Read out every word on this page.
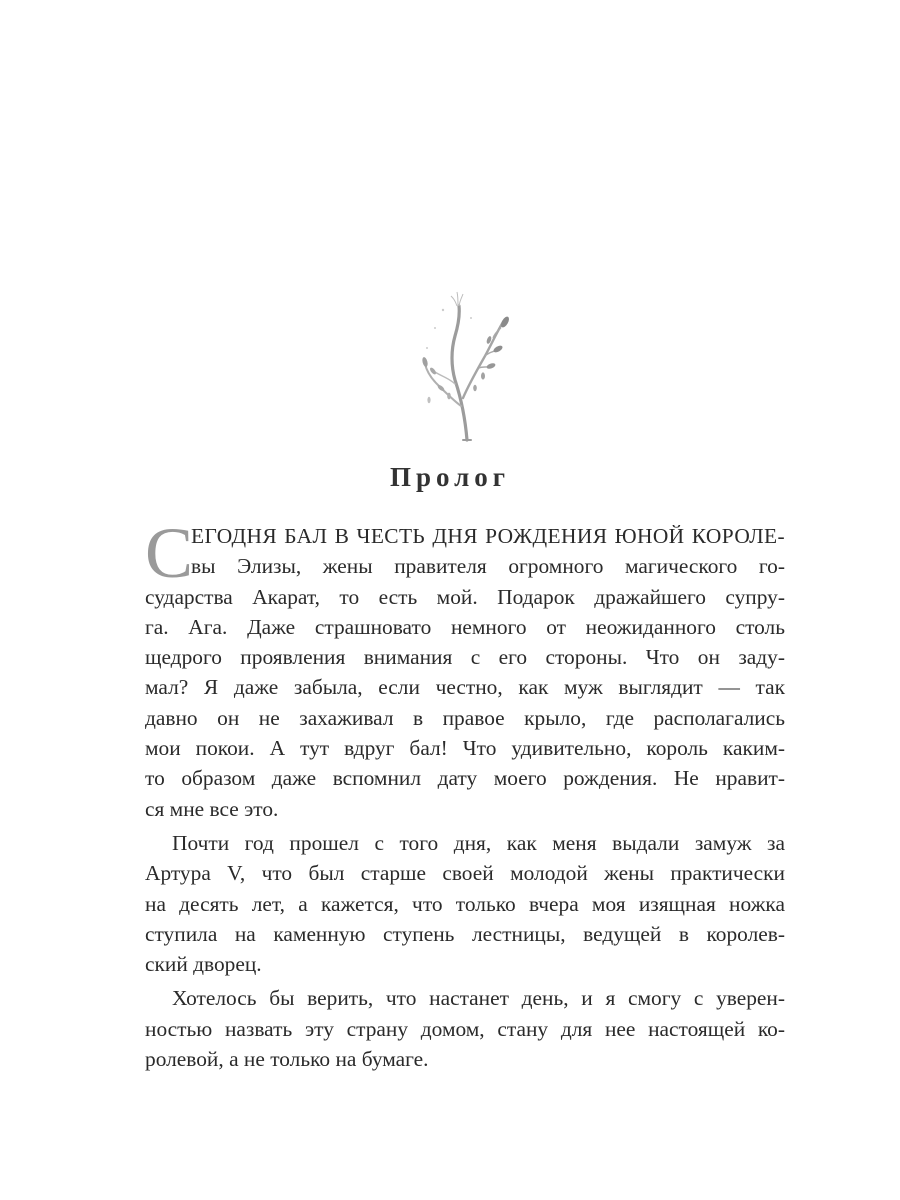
Пролог
С
ЕГОДНЯ БАЛ В ЧЕСТЬ ДНЯ РОЖДЕНИЯ ЮНОЙ КОРОЛЕ-
вы Элизы, жены правителя огромного магического го-
сударства Акарат, то есть мой. Подарок дражайшего супру-
га. Ага. Даже страшновато немного от неожиданного столь
щедрого проявления внимания с его стороны. Что он заду-
мал? Я даже забыла, если честно, как муж выглядит — так
давно он не захаживал в правое крыло, где располагались
мои покои. А тут вдруг бал! Что удивительно, король каким-
то образом даже вспомнил дату моего рождения. Не нравит-
ся мне все это.
Почти год прошел с того дня, как меня выдали замуж за
Артура V, что был старше своей молодой жены практически
на десять лет, а кажется, что только вчера моя изящная ножка
ступила на каменную ступень лестницы, ведущей в королев-
ский дворец.
Хотелось бы верить, что настанет день, и я смогу с уверен-
ностью назвать эту страну домом, стану для нее настоящей ко-
ролевой, а не только на бумаге.
